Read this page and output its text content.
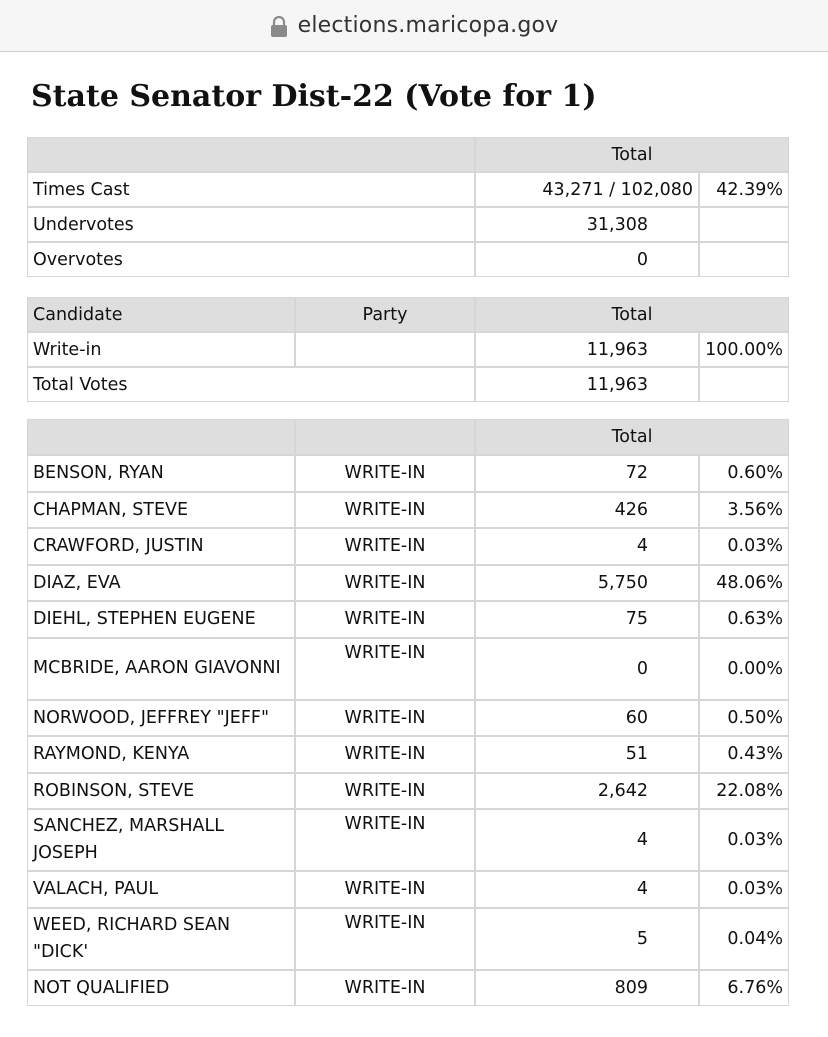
elections.maricopa.gov
State Senator Dist-22 (Vote for 1)
	Total	
Times Cast	43,271 / 102,080	42.39%
Undervotes	31,308	
Overvotes	0	
Candidate	Party	Total	
Write-in		11,963	100.00%
Total Votes		11,963	
		Total	
BENSON, RYAN	WRITE-IN	72	0.60%
CHAPMAN, STEVE	WRITE-IN	426	3.56%
CRAWFORD, JUSTIN	WRITE-IN	4	0.03%
DIAZ, EVA	WRITE-IN	5,750	48.06%
DIEHL, STEPHEN EUGENE	WRITE-IN	75	0.63%
MCBRIDE, AARON GIAVONNI	WRITE-IN	0	0.00%
NORWOOD, JEFFREY "JEFF"	WRITE-IN	60	0.50%
RAYMOND, KENYA	WRITE-IN	51	0.43%
ROBINSON, STEVE	WRITE-IN	2,642	22.08%
SANCHEZ, MARSHALL JOSEPH	WRITE-IN	4	0.03%
VALACH, PAUL	WRITE-IN	4	0.03%
WEED, RICHARD SEAN "DICK'	WRITE-IN	5	0.04%
NOT QUALIFIED	WRITE-IN	809	6.76%
